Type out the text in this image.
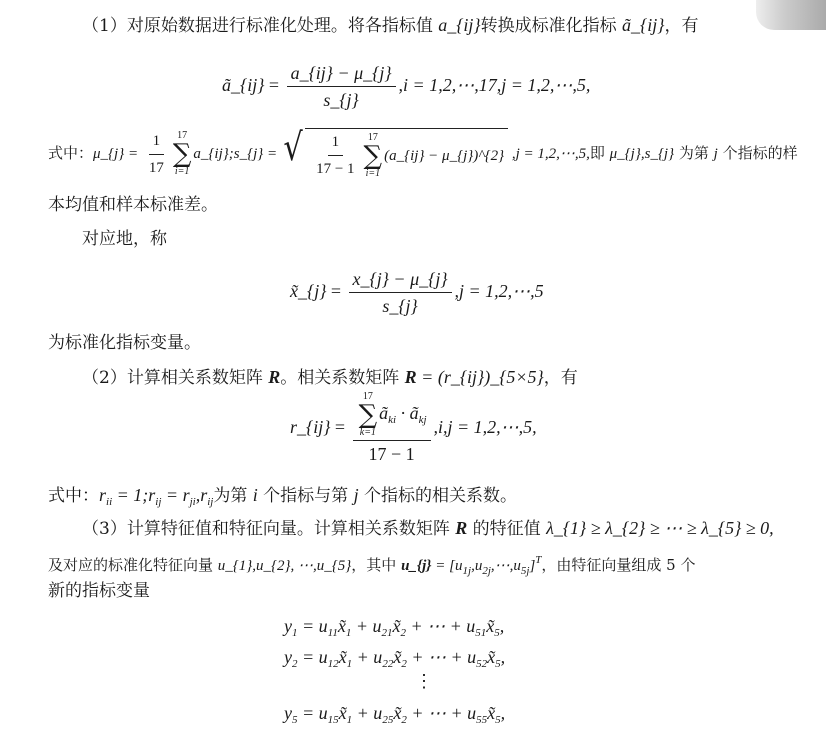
（1）对原始数据进行标准化处理。将各指标值 a_{ij}转换成标准化指标 ã_{ij}，有
ã_{ij} = $\frac{a\_\{ij\} - \mu\_\{j\}}{s\_\{j\}} ,i$ = 1,2,⋯,17,j = 1,2,⋯,5,
式中：μ_{j} = $\frac{1}{17} 17$
∑
i=1
a_{ij};s_{j} = √ $\frac{1}{17 - 1} 17$
∑
i=1
(a_{ij} − μ_{j})^{2} ,j = 1,2,⋯,5,即 μ_{j},s_{j} 为第 j 个指标的样
本均值和样本标准差。
对应地，称
x̃_{j} = $\frac{x\_\{j\} - \mu\_\{j\}}{s\_\{j\}} ,j$ = 1,2,⋯,5
为标准化指标变量。
（2）计算相关系数矩阵 R。相关系数矩阵 R = (r_{ij})_{5×5}，有
r_{ij} = 17
∑
k=1
$ã_{ki}$ · $ã_{kj}$
17 − 1 ,i,j = 1,2,⋯,5,
式中：$r_{ii}$ = $1;r_{ij} = r_{ji},r_{ij}$为第 i 个指标与第 j 个指标的相关系数。
（3）计算特征值和特征向量。计算相关系数矩阵 R 的特征值 λ_{1} ≥ λ_{2} ≥ ⋯ ≥ λ_{5} ≥ 0,
及对应的标准化特征向量 u_{1},u_{2}, ⋯,u_{5}，其中 u_{j} = $[u_{1j},u_{2j},\cdots,u_{5j}]^T$，由特征向量组成 5 个
新的指标变量
$y_1$ = $u_{11}x̃_1$ + $u_{21}x̃_2$ + ⋯ + $u_{51}x̃_5$,
$y_2$ = $u_{12}x̃_1$ + $u_{22}x̃_2$ + ⋯ + $u_{52}x̃_5$,
⋮
$y_5$ = $u_{15}x̃_1$ + $u_{25}x̃_2$ + ⋯ + $u_{55}x̃_5$,
